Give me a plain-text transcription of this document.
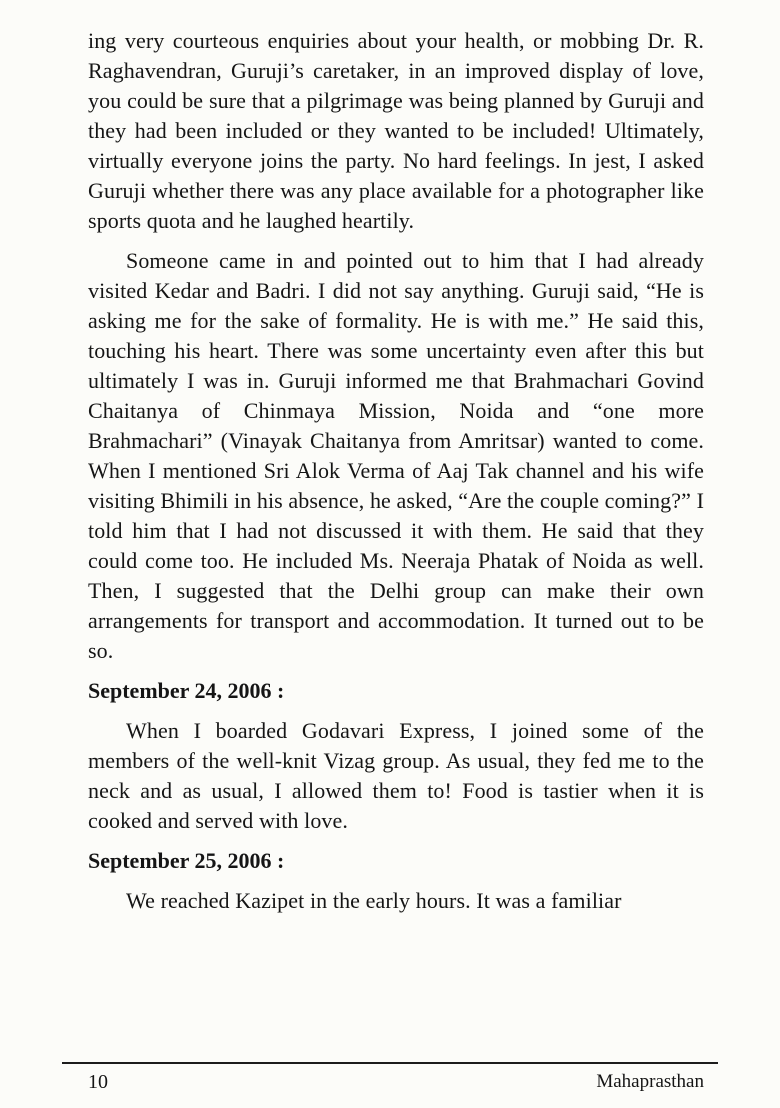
ing very courteous enquiries about your health, or mobbing Dr. R. Raghavendran, Guruji’s caretaker, in an improved display of love, you could be sure that a pilgrimage was being planned by Guruji and they had been included or they wanted to be included! Ultimately, virtually everyone joins the party. No hard feelings. In jest, I asked Guruji whether there was any place available for a photographer like sports quota and he laughed heartily.

Someone came in and pointed out to him that I had already visited Kedar and Badri. I did not say anything. Guruji said, “He is asking me for the sake of formality. He is with me.” He said this, touching his heart. There was some uncertainty even after this but ultimately I was in. Guruji informed me that Brahmachari Govind Chaitanya of Chinmaya Mission, Noida and “one more Brahmachari” (Vinayak Chaitanya from Amritsar) wanted to come. When I mentioned Sri Alok Verma of Aaj Tak channel and his wife visiting Bhimili in his absence, he asked, “Are the couple coming?” I told him that I had not discussed it with them. He said that they could come too. He included Ms. Neeraja Phatak of Noida as well. Then, I suggested that the Delhi group can make their own arrangements for transport and accommodation. It turned out to be so.

September 24, 2006 :

When I boarded Godavari Express, I joined some of the members of the well-knit Vizag group. As usual, they fed me to the neck and as usual, I allowed them to! Food is tastier when it is cooked and served with love.

September 25, 2006 :

We reached Kazipet in the early hours. It was a familiar

10	Mahaprasthan
